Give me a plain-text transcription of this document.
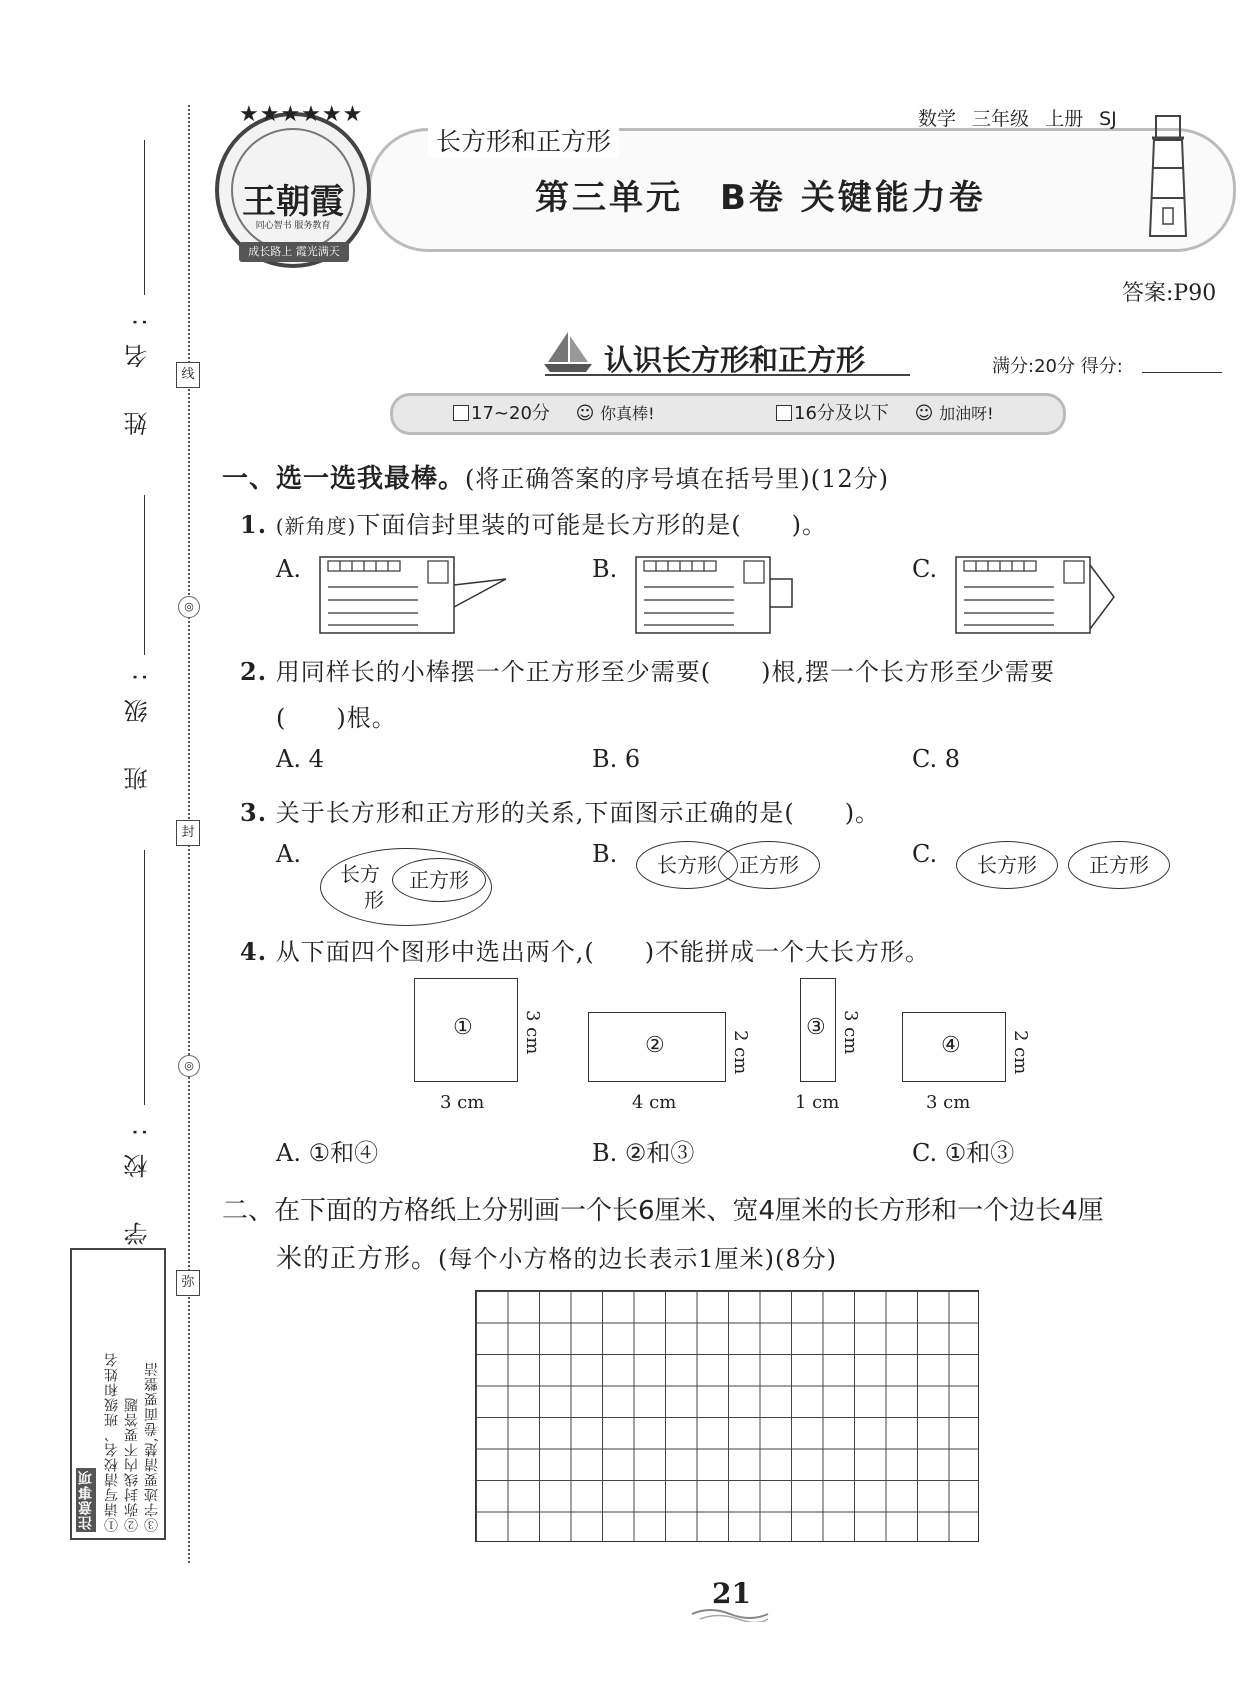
姓 名:
班 级:
学 校:
线
◎
封
◎
弥
注意事项 ①请写清校名、班级和姓名 ②弥封线内不要答题 ③字迹要清楚,卷面要整洁
长方形和正方形
第三单元　B卷 关键能力卷
数学 三年级 上册 SJ
★★★★★★
王朝霞
同心智书 服务教育
成长路上 霞光满天
答案:P90
认识长方形和正方形	满分:20分 得分:
17~20分 ☺ 你真棒!	16分及以下 ☺ 加油呀!
一、选一选我最棒。(将正确答案的序号填在括号里)(12分)
1. (新角度)下面信封里装的可能是长方形的是(　　)。
A.	B.	C.
2. 用同样长的小棒摆一个正方形至少需要(　　)根,摆一个长方形至少需要
(　　)根。
A. 4	B. 6	C. 8
3. 关于长方形和正方形的关系,下面图示正确的是(　　)。
A.	B.	C.
长方
形
正方形
长方形	正方形	长方形	正方形
4. 从下面四个图形中选出两个,(　　)不能拼成一个大长方形。
①	3 cm
3 cm
②	2 cm
4 cm
③ 3 cm
1 cm
④	2 cm
3 cm
A. ①和④	B. ②和③	C. ①和③
二、在下面的方格纸上分别画一个长6厘米、宽4厘米的长方形和一个边长4厘
米的正方形。(每个小方格的边长表示1厘米)(8分)
21
